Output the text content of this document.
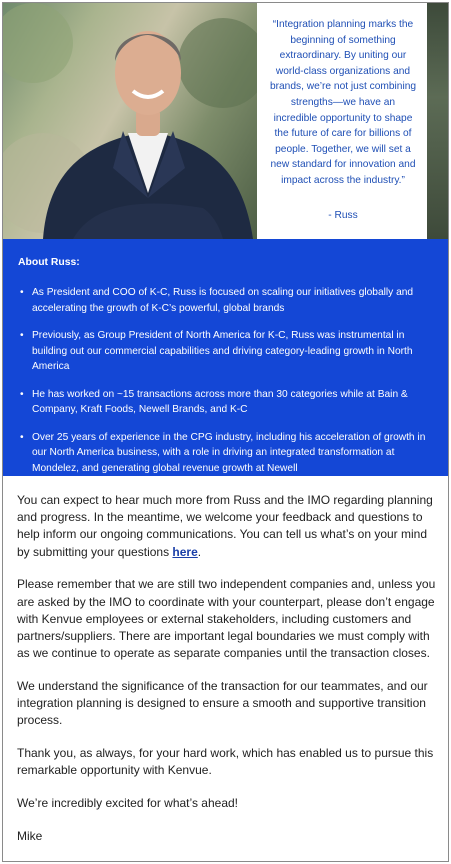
“Integration planning marks the beginning of something extraordinary. By uniting our world-class organizations and brands, we’re not just combining strengths—we have an incredible opportunity to shape the future of care for billions of people. Together, we will set a new standard for innovation and impact across the industry.”
- Russ
About Russ:
• As President and COO of K-C, Russ is focused on scaling our initiatives globally and accelerating the growth of K-C’s powerful, global brands
• Previously, as Group President of North America for K-C, Russ was instrumental in building out our commercial capabilities and driving category-leading growth in North America
• He has worked on ~15 transactions across more than 30 categories while at Bain & Company, Kraft Foods, Newell Brands, and K-C
• Over 25 years of experience in the CPG industry, including his acceleration of growth in our North America business, with a role in driving an integrated transformation at Mondelez, and generating global revenue growth at Newell

You can expect to hear much more from Russ and the IMO regarding planning and progress. In the meantime, we welcome your feedback and questions to help inform our ongoing communications. You can tell us what’s on your mind by submitting your questions here.

Please remember that we are still two independent companies and, unless you are asked by the IMO to coordinate with your counterpart, please don’t engage with Kenvue employees or external stakeholders, including customers and partners/suppliers. There are important legal boundaries we must comply with as we continue to operate as separate companies until the transaction closes.

We understand the significance of the transaction for our teammates, and our integration planning is designed to ensure a smooth and supportive transition process.

Thank you, as always, for your hard work, which has enabled us to pursue this remarkable opportunity with Kenvue.

We’re incredibly excited for what’s ahead!

Mike
